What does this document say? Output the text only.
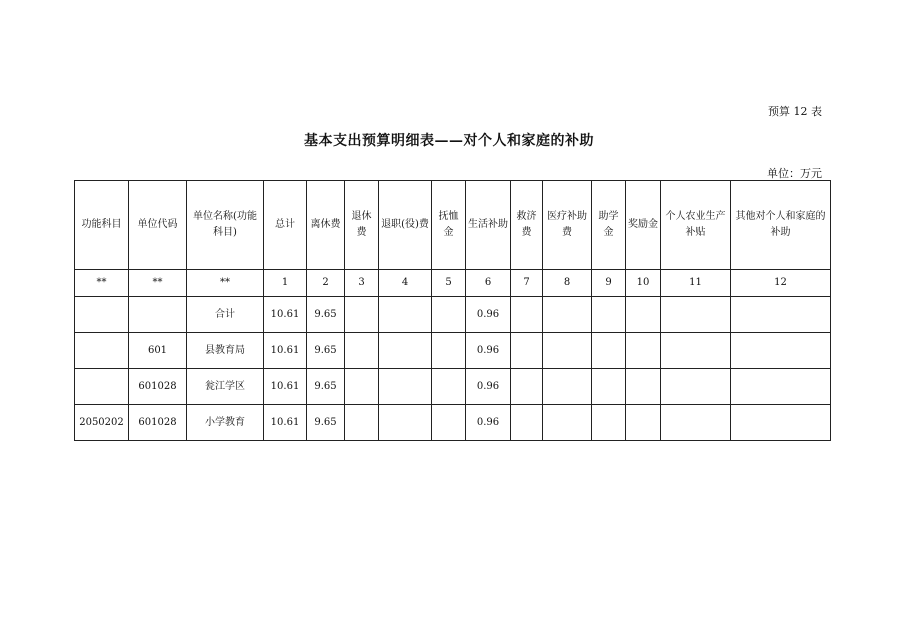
预算 12 表
基本支出预算明细表——对个人和家庭的补助
单位：万元
功能科目	单位代码	单位名称(功能科目)	总计	离休费	退休费	退职(役)费	抚恤金	生活补助	救济费	医疗补助费	助学金	奖励金	个人农业生产补贴	其他对个人和家庭的补助
**	**	**	1	2	3	4	5	6	7	8	9	10	11	12
		合计	10.61	9.65				0.96						
	601	县教育局	10.61	9.65				0.96						
	601028	瓮江学区	10.61	9.65				0.96						
2050202	601028	小学教育	10.61	9.65				0.96						
